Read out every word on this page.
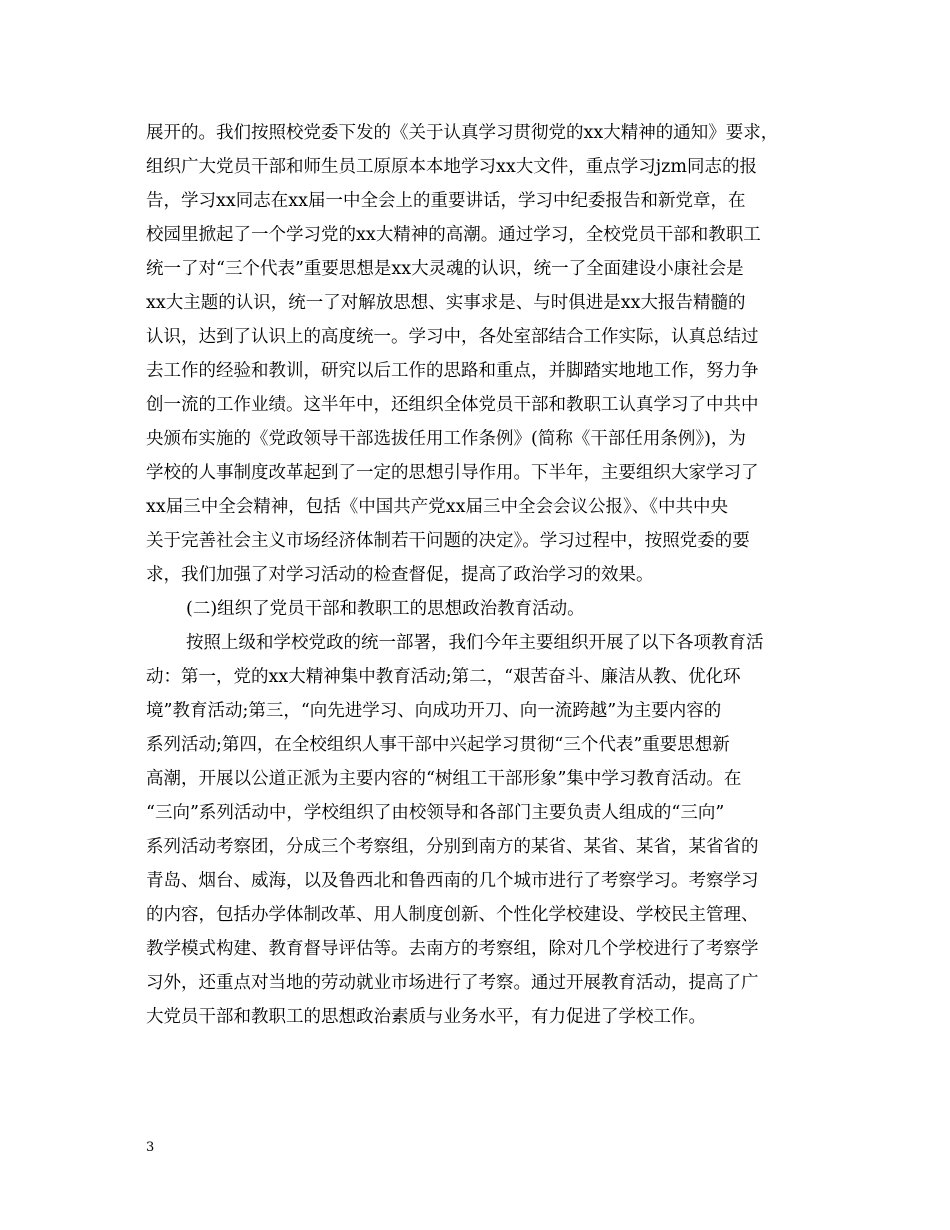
展开的。我们按照校党委下发的《关于认真学习贯彻党的xx大精神的通知》要求，
组织广大党员干部和师生员工原原本本地学习xx大文件，重点学习jzm同志的报
告，学习xx同志在xx届一中全会上的重要讲话，学习中纪委报告和新党章，在
校园里掀起了一个学习党的xx大精神的高潮。通过学习，全校党员干部和教职工
统一了对“三个代表”重要思想是xx大灵魂的认识，统一了全面建设小康社会是
xx大主题的认识，统一了对解放思想、实事求是、与时俱进是xx大报告精髓的
认识，达到了认识上的高度统一。学习中，各处室部结合工作实际，认真总结过
去工作的经验和教训，研究以后工作的思路和重点，并脚踏实地地工作，努力争
创一流的工作业绩。这半年中，还组织全体党员干部和教职工认真学习了中共中
央颁布实施的《党政领导干部选拔任用工作条例》(简称《干部任用条例》)，为
学校的人事制度改革起到了一定的思想引导作用。下半年，主要组织大家学习了
xx届三中全会精神，包括《中国共产党xx届三中全会会议公报》、《中共中央
关于完善社会主义市场经济体制若干问题的决定》。学习过程中，按照党委的要
求，我们加强了对学习活动的检查督促，提高了政治学习的效果。
(二)组织了党员干部和教职工的思想政治教育活动。
按照上级和学校党政的统一部署，我们今年主要组织开展了以下各项教育活
动：第一，党的xx大精神集中教育活动;第二，“艰苦奋斗、廉洁从教、优化环
境”教育活动;第三，“向先进学习、向成功开刀、向一流跨越”为主要内容的
系列活动;第四，在全校组织人事干部中兴起学习贯彻“三个代表”重要思想新
高潮，开展以公道正派为主要内容的“树组工干部形象”集中学习教育活动。在
“三向”系列活动中，学校组织了由校领导和各部门主要负责人组成的“三向”
系列活动考察团，分成三个考察组，分别到南方的某省、某省、某省，某省省的
青岛、烟台、威海，以及鲁西北和鲁西南的几个城市进行了考察学习。考察学习
的内容，包括办学体制改革、用人制度创新、个性化学校建设、学校民主管理、
教学模式构建、教育督导评估等。去南方的考察组，除对几个学校进行了考察学
习外，还重点对当地的劳动就业市场进行了考察。通过开展教育活动，提高了广
大党员干部和教职工的思想政治素质与业务水平，有力促进了学校工作。
3
